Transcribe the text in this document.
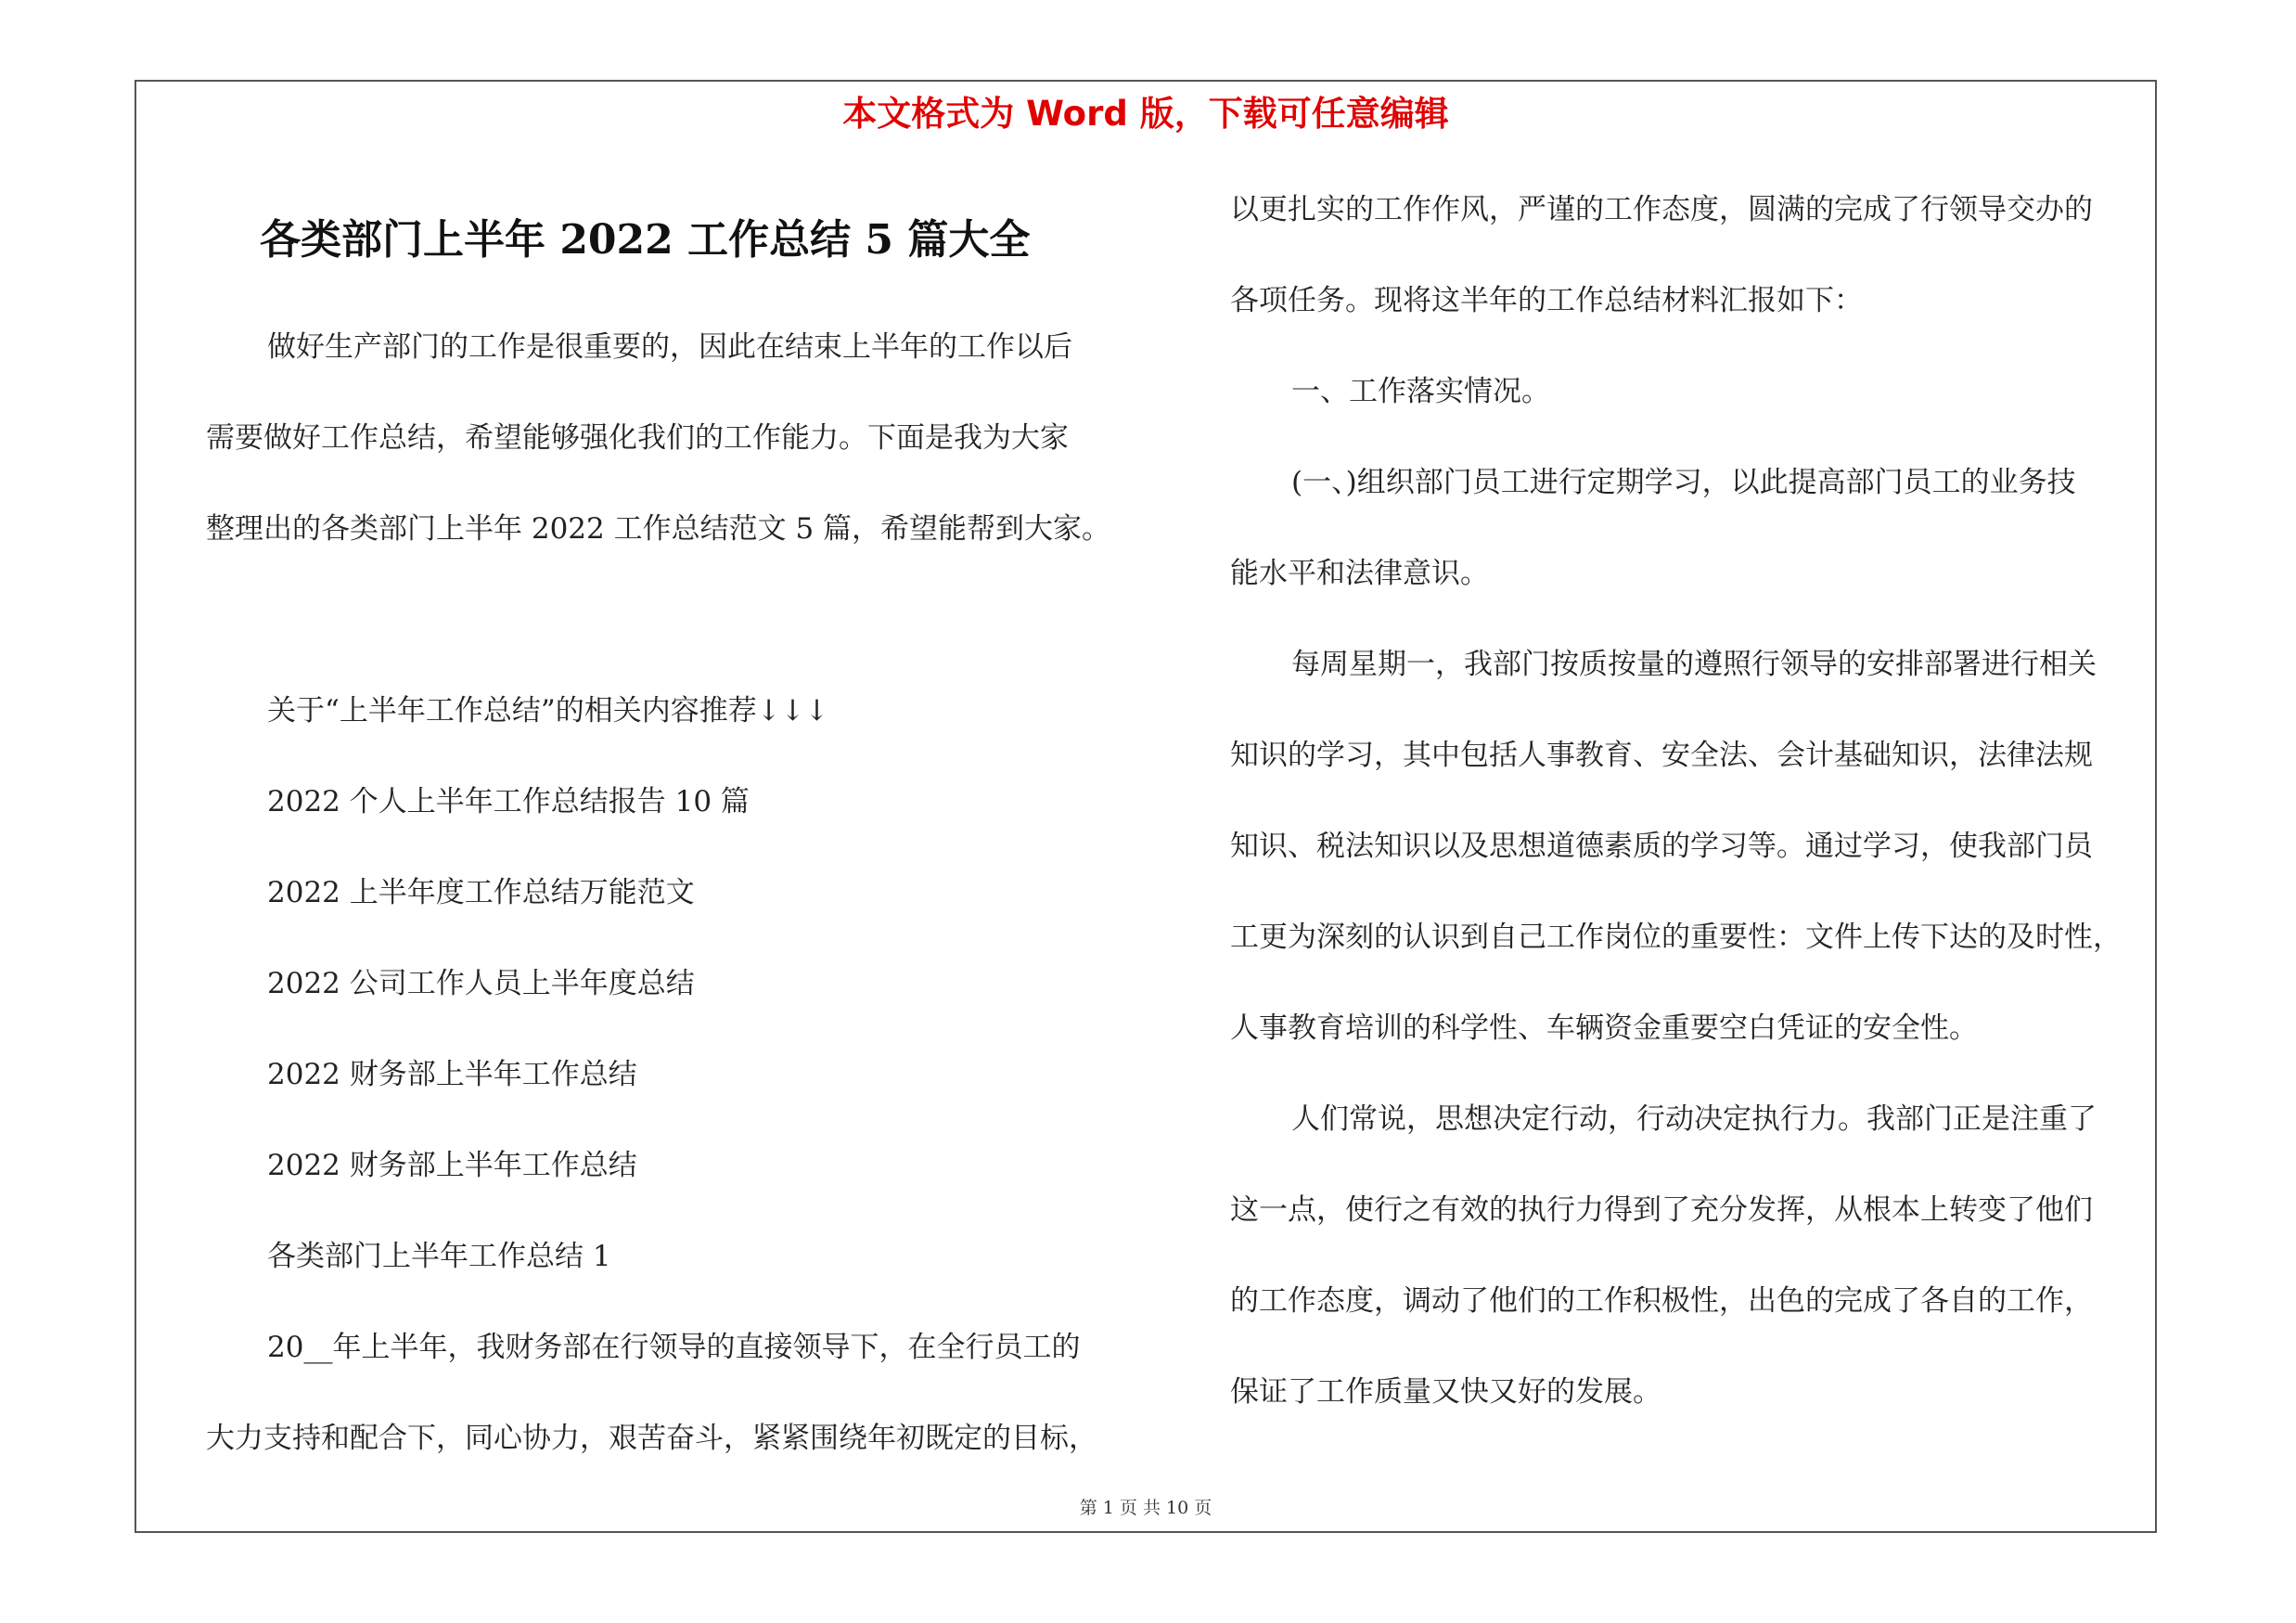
本文格式为 Word 版，下载可任意编辑
各类部门上半年 2022 工作总结 5 篇大全
做好生产部门的工作是很重要的，因此在结束上半年的工作以后
需要做好工作总结，希望能够强化我们的工作能力。下面是我为大家
整理出的各类部门上半年 2022 工作总结范文 5 篇，希望能帮到大家。
关于“上半年工作总结”的相关内容推荐↓↓↓
2022 个人上半年工作总结报告 10 篇
2022 上半年度工作总结万能范文
2022 公司工作人员上半年度总结
2022 财务部上半年工作总结
2022 财务部上半年工作总结
各类部门上半年工作总结 1
20__年上半年，我财务部在行领导的直接领导下，在全行员工的
大力支持和配合下，同心协力，艰苦奋斗，紧紧围绕年初既定的目标，
以更扎实的工作作风，严谨的工作态度，圆满的完成了行领导交办的
各项任务。现将这半年的工作总结材料汇报如下：
一、工作落实情况。
(一、)组织部门员工进行定期学习，以此提高部门员工的业务技
能水平和法律意识。
每周星期一，我部门按质按量的遵照行领导的安排部署进行相关
知识的学习，其中包括人事教育、安全法、会计基础知识，法律法规
知识、税法知识以及思想道德素质的学习等。通过学习，使我部门员
工更为深刻的认识到自己工作岗位的重要性：文件上传下达的及时性，
人事教育培训的科学性、车辆资金重要空白凭证的安全性。
人们常说，思想决定行动，行动决定执行力。我部门正是注重了
这一点，使行之有效的执行力得到了充分发挥，从根本上转变了他们
的工作态度，调动了他们的工作积极性，出色的完成了各自的工作，
保证了工作质量又快又好的发展。
第 1 页 共 10 页
